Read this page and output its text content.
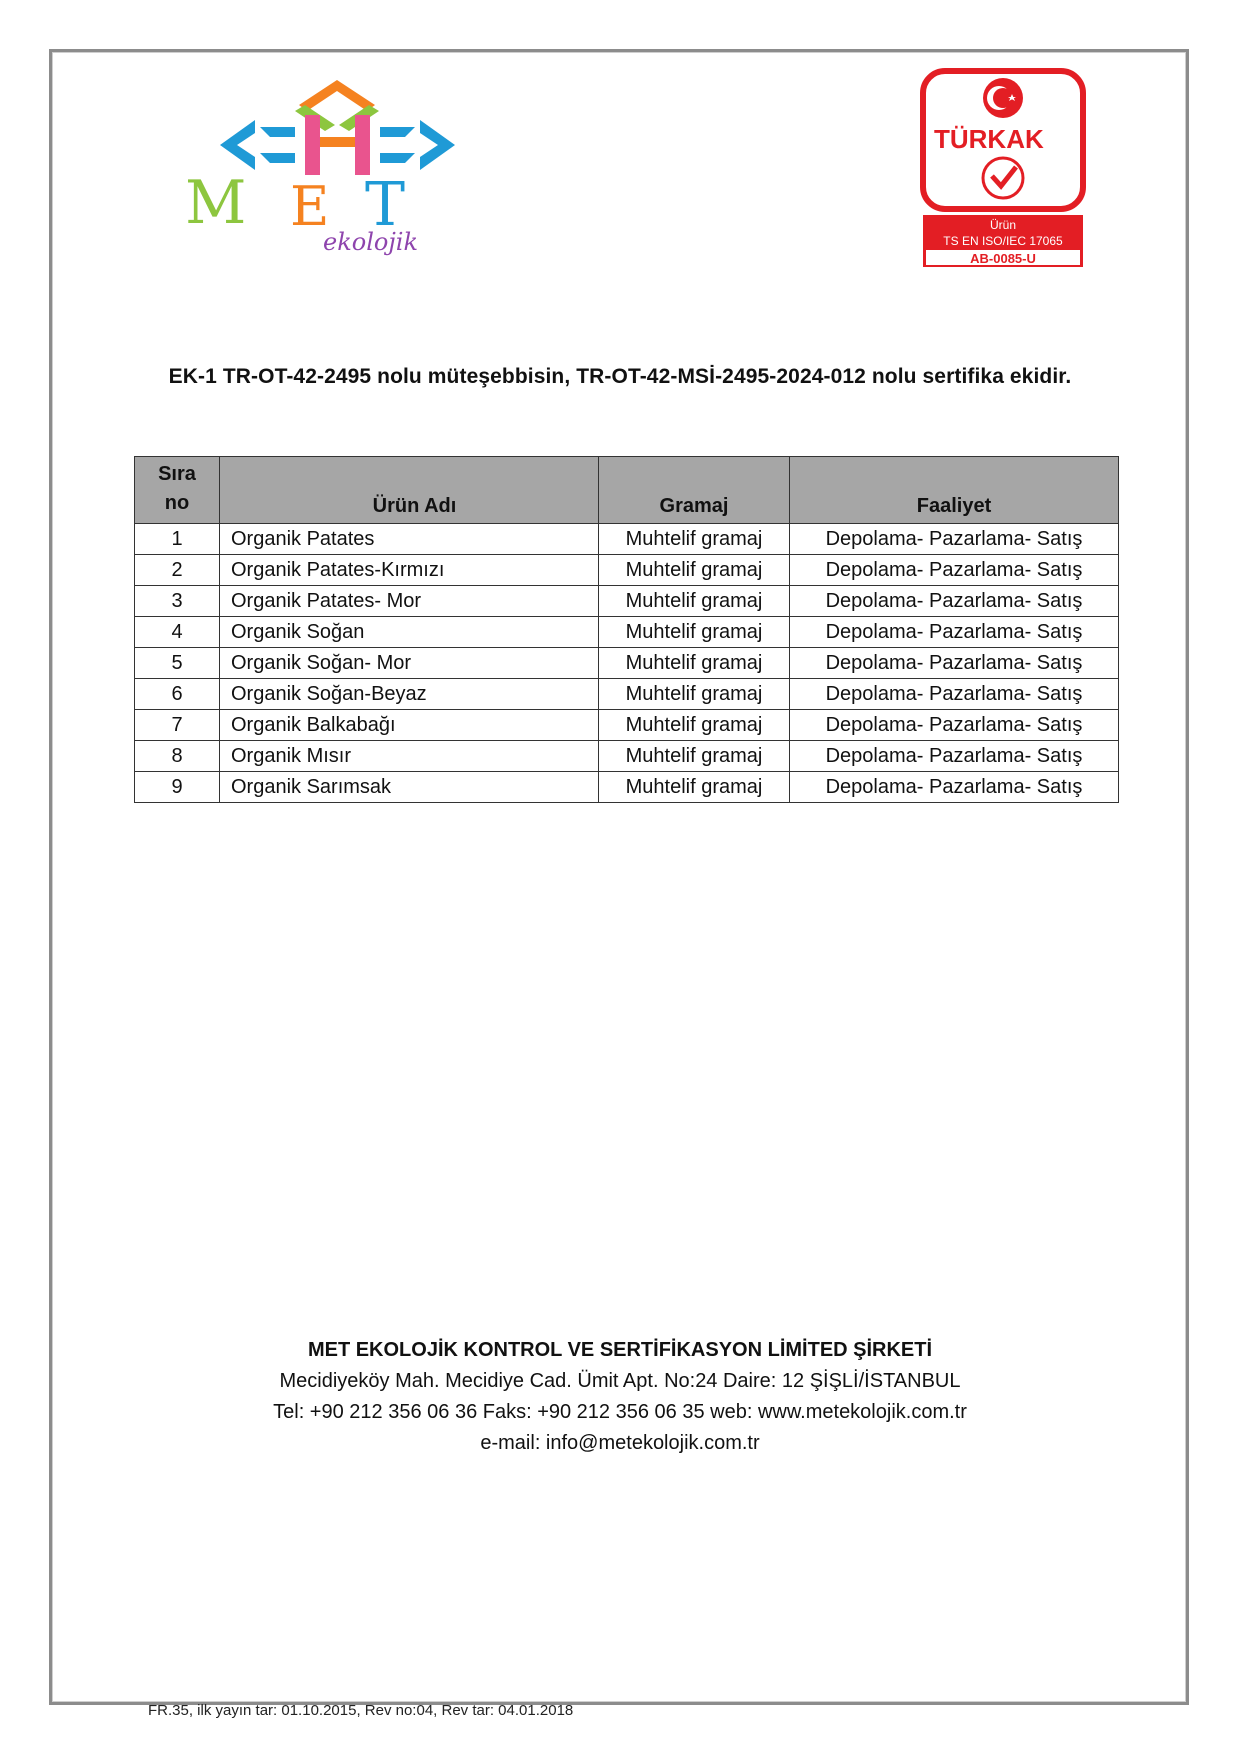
M E T
ekolojik
TÜRKAK
Ürün
TS EN ISO/IEC 17065
AB-0085-U
EK-1 TR-OT-42-2495 nolu müteşebbisin, TR-OT-42-MSİ-2495-2024-012 nolu sertifika ekidir.
Sıra
no	Ürün Adı	Gramaj	Faaliyet
1	Organik Patates	Muhtelif gramaj	Depolama- Pazarlama- Satış
2	Organik Patates-Kırmızı	Muhtelif gramaj	Depolama- Pazarlama- Satış
3	Organik Patates- Mor	Muhtelif gramaj	Depolama- Pazarlama- Satış
4	Organik Soğan	Muhtelif gramaj	Depolama- Pazarlama- Satış
5	Organik Soğan- Mor	Muhtelif gramaj	Depolama- Pazarlama- Satış
6	Organik Soğan-Beyaz	Muhtelif gramaj	Depolama- Pazarlama- Satış
7	Organik Balkabağı	Muhtelif gramaj	Depolama- Pazarlama- Satış
8	Organik Mısır	Muhtelif gramaj	Depolama- Pazarlama- Satış
9	Organik Sarımsak	Muhtelif gramaj	Depolama- Pazarlama- Satış
MET EKOLOJİK KONTROL VE SERTİFİKASYON LİMİTED ŞİRKETİ
Mecidiyeköy Mah. Mecidiye Cad. Ümit Apt. No:24 Daire: 12 ŞİŞLİ/İSTANBUL
Tel: +90 212 356 06 36 Faks: +90 212 356 06 35 web: www.metekolojik.com.tr
e-mail: info@metekolojik.com.tr
FR.35, ilk yayın tar: 01.10.2015, Rev no:04, Rev tar: 04.01.2018
